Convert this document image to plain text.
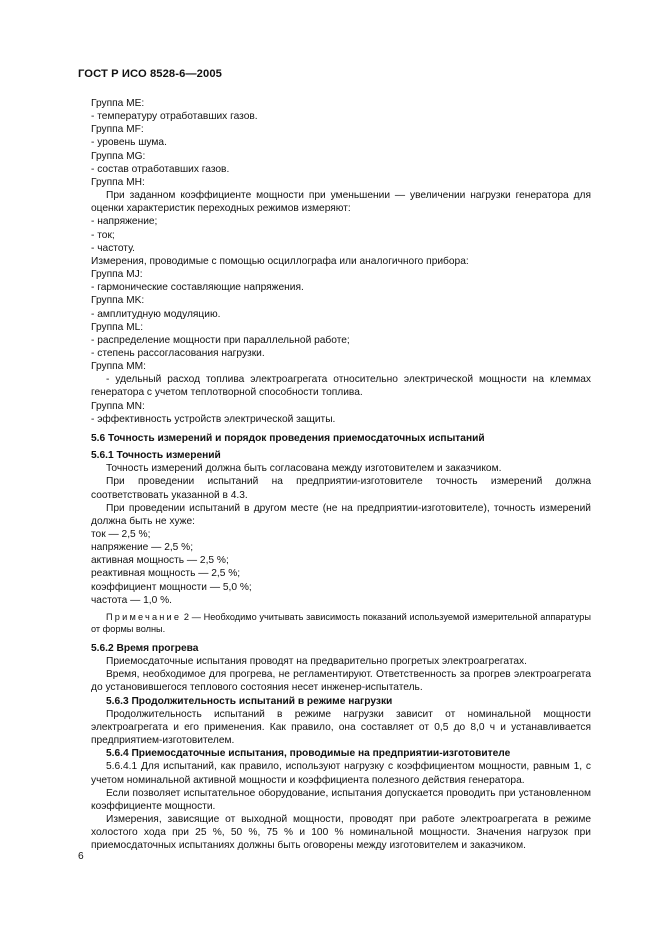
ГОСТ Р ИСО 8528-6—2005

Группа ME:

- температуру отработавших газов.

Группа MF:

- уровень шума.

Группа MG:

- состав отработавших газов.

Группа MH:

При заданном коэффициенте мощности при уменьшении — увеличении нагрузки генератора для оценки характеристик переходных режимов измеряют:

- напряжение;

- ток;

- частоту.

Измерения, проводимые с помощью осциллографа или аналогичного прибора:

Группа MJ:

- гармонические составляющие напряжения.

Группа MK:

- амплитудную модуляцию.

Группа ML:

- распределение мощности при параллельной работе;

- степень рассогласования нагрузки.

Группа MM:

- удельный расход топлива электроагрегата относительно электрической мощности на клеммах генератора с учетом теплотворной способности топлива.

Группа MN:

- эффективность устройств электрической защиты.

5.6 Точность измерений и порядок проведения приемосдаточных испытаний

5.6.1 Точность измерений

Точность измерений должна быть согласована между изготовителем и заказчиком.

При проведении испытаний на предприятии-изготовителе точность измерений должна соответствовать указанной в 4.3.

При проведении испытаний в другом месте (не на предприятии-изготовителе), точность измерений должна быть не хуже:

ток — 2,5 %;

напряжение — 2,5 %;

активная мощность — 2,5 %;

реактивная мощность — 2,5 %;

коэффициент мощности — 5,0 %;

частота — 1,0 %.

Примечание 2 — Необходимо учитывать зависимость показаний используемой измерительной аппаратуры от формы волны.

5.6.2 Время прогрева

Приемосдаточные испытания проводят на предварительно прогретых электроагрегатах.

Время, необходимое для прогрева, не регламентируют. Ответственность за прогрев электроагрегата до установившегося теплового состояния несет инженер-испытатель.

5.6.3 Продолжительность испытаний в режиме нагрузки

Продолжительность испытаний в режиме нагрузки зависит от номинальной мощности электроагрегата и его применения. Как правило, она составляет от 0,5 до 8,0 ч и устанавливается предприятием-изготовителем.

5.6.4 Приемосдаточные испытания, проводимые на предприятии-изготовителе

5.6.4.1 Для испытаний, как правило, используют нагрузку с коэффициентом мощности, равным 1, с учетом номинальной активной мощности и коэффициента полезного действия генератора.

Если позволяет испытательное оборудование, испытания допускается проводить при установленном коэффициенте мощности.

Измерения, зависящие от выходной мощности, проводят при работе электроагрегата в режиме холостого хода при 25 %, 50 %, 75 % и 100 % номинальной мощности. Значения нагрузок при приемосдаточных испытаниях должны быть оговорены между изготовителем и заказчиком.

6
